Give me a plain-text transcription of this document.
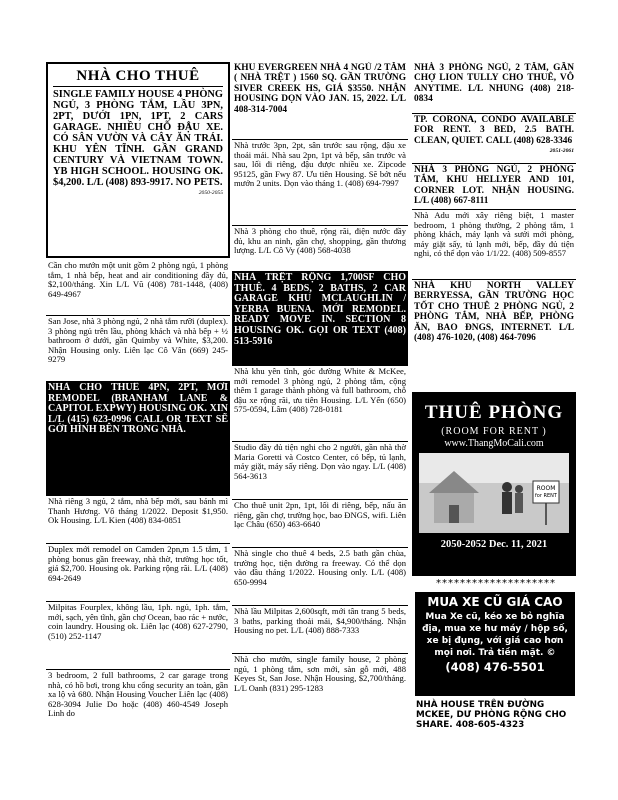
NHÀ CHO THUÊ
SINGLE FAMILY HOUSE 4 PHÒNG NGỦ, 3 PHÒNG TẮM, LẦU 3PN, 2PT, DƯỚI 1PN, 1PT, 2 CARS GARAGE. NHIỀU CHỖ ĐẬU XE. CÓ SÂN VƯỜN VÀ CÂY ĂN TRÁI. KHU YÊN TĨNH. GẦN GRAND CENTURY VÀ VIETNAM TOWN. YB HIGH SCHOOL. HOUSING OK. $4,200. L/L (408) 893-9917. NO PETS.
2050-2055
Cần cho mướn một unit gồm 2 phòng ngủ, 1 phòng tắm, 1 nhà bếp, heat and air conditioning đầy đủ, $2,100/tháng. Xin L/L Vũ (408) 781-1448, (408) 649-4967
San Jose, nhà 3 phòng ngủ, 2 nhà tắm rưỡi (duplex). 3 phòng ngủ trên lầu, phòng khách và nhà bếp + ½ bathroom ở dưới, gần Quimby và White, $3,200. Nhận Housing only. Liên lạc Cô Vân (669) 245-9279
NHÀ CHO THUÊ 4PN, 2PT, MỚI REMODEL (BRANHAM LANE & CAPITOL EXPWY) HOUSING OK. XIN L/L (415) 623-0996 CALL OR TEXT SẼ GỞI HÌNH BÊN TRONG NHÀ.
Nhà riêng 3 ngủ, 2 tắm, nhà bếp mới, sau bánh mì Thanh Hương. Vô tháng 1/2022. Deposit $1,950. Ok Housing. L/L Kien (408) 834-0851
Duplex mới remodel on Camden 2pn,m 1.5 tắm, 1 phòng bonus gần freeway, nhà thờ, trường học tốt, giá $2,700. Housing ok. Parking rộng rãi. L/L (408) 694-2649
Milpitas Fourplex, không lầu, 1ph. ngủ, 1ph. tắm, mới, sạch, yên tĩnh, gần chợ Ocean, bao rác + nước, coin laundry. Housing ok. Liên lạc (408) 627-2790, (510) 252-1147
3 bedroom, 2 full bathrooms, 2 car garage trong nhà, có hồ bơi, trong khu cổng security an toàn, gần xa lộ và 680. Nhận Housing Voucher Liên lạc (408) 628-3094 Julie Do hoặc (408) 460-4549 Joseph Linh do
KHU EVERGREEN NHÀ 4 NGỦ /2 TẮM ( NHÀ TRỆT ) 1560 SQ. GẦN TRƯỜNG SIVER CREEK HS, GIÁ $3550. NHẬN HOUSING DỌN VÀO JAN. 15, 2022. L/L 408-314-7004
Nhà trước 3pn, 2pt, sân trước sau rộng, đậu xe thoải mái. Nhà sau 2pn, 1pt và bếp, sân trước và sau, lối đi riêng, đậu được nhiều xe. Zipcode 95125, gần Fwy 87. Ưu tiên Housing. Sẽ bớt nếu mướn 2 units. Dọn vào tháng 1. (408) 694-7997
Nhà 3 phòng cho thuê, rộng rãi, điện nước đầy đủ, khu an ninh, gần chợ, shopping, gần thương lượng. L/L Cô Vy (408) 568-4038
NHÀ TRỆT RỘNG 1,700SF CHO THUÊ. 4 BEDS, 2 BATHS, 2 CAR GARAGE KHU MCLAUGHLIN / YERBA BUENA. MỚI REMODEL. READY MOVE IN. SECTION 8 HOUSING OK. GỌI OR TEXT (408) 513-5916
Nhà khu yên tĩnh, góc đường White & McKee, mới remodel 3 phòng ngủ, 2 phòng tắm, cộng thêm 1 garage thành phòng và full bathroom, chỗ đậu xe rộng rãi, ưu tiên Housing. L/L Yến (650) 575-0594, Lâm (408) 728-0181
Studio đầy đủ tiện nghi cho 2 người, gần nhà thờ Maria Goretti và Costco Center, có bếp, tủ lạnh, máy giặt, máy sấy riêng. Dọn vào ngay. L/L (408) 564-3613
Cho thuê unit 2pn, 1pt, lối đi riêng, bếp, nấu ăn riêng, gần chợ, trường học, bao ĐNGS, wifi. Liên lạc Châu (650) 463-6640
Nhà single cho thuê 4 beds, 2.5 bath gần chùa, trường học, tiện đường ra freeway. Có thể dọn vào đầu tháng 1/2022. Housing only. L/L (408) 650-9994
Nhà lầu Milpitas 2,600sqft, mới tân trang 5 beds, 3 baths, parking thoải mái, $4,900/tháng. Nhận Housing no pet. L/L (408) 888-7333
Nhà cho mướn, single family house, 2 phòng ngủ, 1 phòng tắm, sơn mới, sàn gỗ mới, 488 Keyes St, San Jose. Nhận Housing, $2,700/tháng. L/L Oanh (831) 295-1283
NHÀ 3 PHÒNG NGỦ, 2 TẮM, GẦN CHỢ LION TULLY CHO THUÊ, VÔ ANYTIME. L/L NHUNG (408) 218-0834
TP. CORONA, CONDO AVAILABLE FOR RENT. 3 BED, 2.5 BATH. CLEAN, QUIET. CALL (408) 628-3346
2051-2061
NHÀ 3 PHÒNG NGỦ, 2 PHÒNG TẮM, KHU HELLYER AND 101, CORNER LOT. NHẬN HOUSING. L/L (408) 667-8111
Nhà Adu mới xây riêng biệt, 1 master bedroom, 1 phòng thường, 2 phòng tắm, 1 phòng khách, máy lạnh và sưởi mới phòng, máy giặt sấy, tủ lạnh mới, bếp, đầy đủ tiện nghi, có thể dọn vào 1/1/22. (408) 509-8557
NHÀ KHU NORTH VALLEY BERRYESSA, GẦN TRƯỜNG HỌC TỐT CHO THUÊ 2 PHÒNG NGỦ, 2 PHÒNG TẮM, NHÀ BẾP, PHÒNG ĂN, BAO ĐNGS, INTERNET. L/L (408) 476-1020, (408) 464-7096
THUÊ PHÒNG
(ROOM FOR RENT )
www.ThangMoCali.com
ROOM
for RENT
2050-2052 Dec. 11, 2021
********************
MUA XE CŨ GIÁ CAO
Mua Xe cũ, kéo xe bỏ nghĩa địa, mua xe hư máy / hộp số, xe bị đụng, với giá cao hơn mọi nơi. Trả tiền mặt. ©
(408) 476-5501
NHÀ HOUSE TRÊN ĐƯỜNG MCKEE, DƯ PHÒNG RỘNG CHO SHARE. 408-605-4323
